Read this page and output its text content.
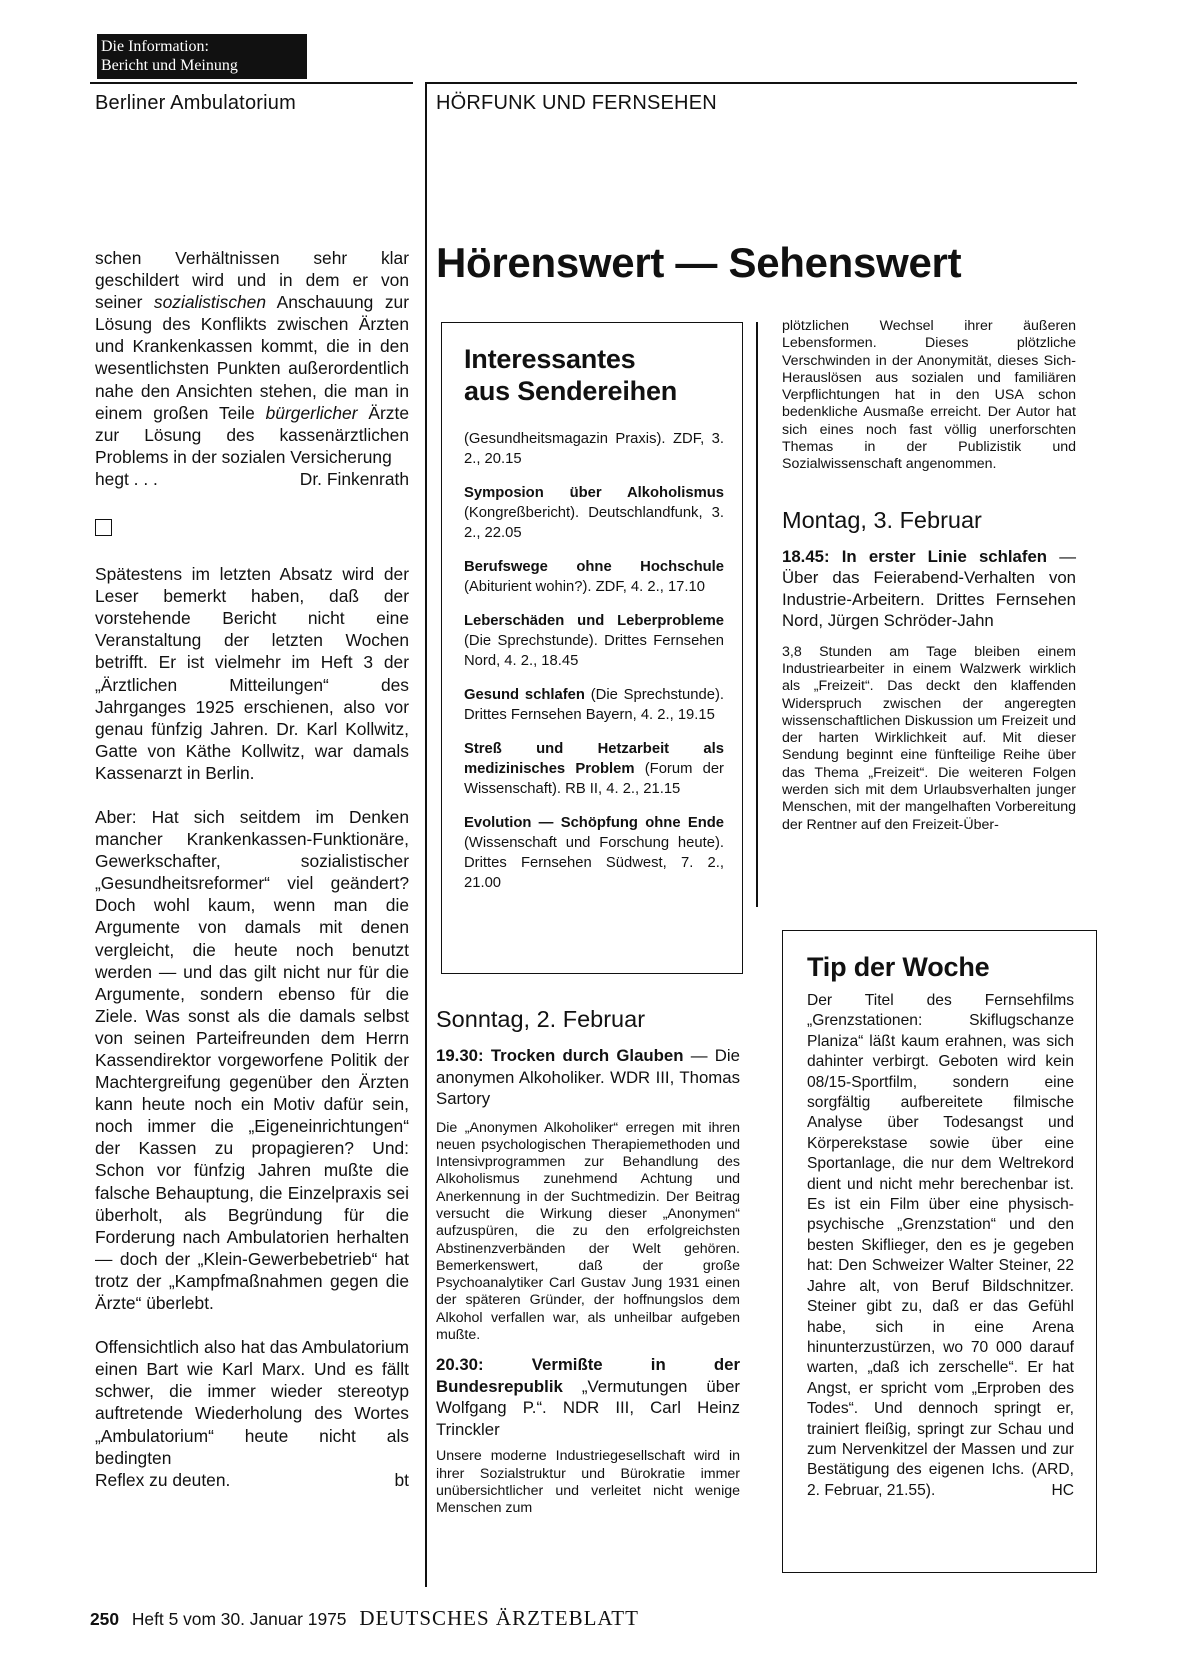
Die Information:
Bericht und Meinung
Berliner Ambulatorium	HÖRFUNK UND FERNSEHEN

schen Verhältnissen sehr klar geschildert wird und in dem er von seiner sozialistischen Anschauung zur Lösung des Konflikts zwischen Ärzten und Krankenkassen kommt, die in den wesentlichsten Punkten außerordentlich nahe den Ansichten stehen, die man in einem großen Teile bürgerlicher Ärzte zur Lösung des kassenärztlichen Problems in der sozialen Versicherung
hegt . . .	Dr. Finkenrath

Spätestens im letzten Absatz wird der Leser bemerkt haben, daß der vorstehende Bericht nicht eine Veranstaltung der letzten Wochen betrifft. Er ist vielmehr im Heft 3 der „Ärztlichen Mitteilungen“ des Jahrganges 1925 erschienen, also vor genau fünfzig Jahren. Dr. Karl Kollwitz, Gatte von Käthe Kollwitz, war damals Kassenarzt in Berlin.

Aber: Hat sich seitdem im Denken mancher Krankenkassen-Funktionäre, Gewerkschafter, sozialistischer „Gesundheitsreformer“ viel geändert? Doch wohl kaum, wenn man die Argumente von damals mit denen vergleicht, die heute noch benutzt werden — und das gilt nicht nur für die Argumente, sondern ebenso für die Ziele. Was sonst als die damals selbst von seinen Parteifreunden dem Herrn Kassendirektor vorgeworfene Politik der Machtergreifung gegenüber den Ärzten kann heute noch ein Motiv dafür sein, noch immer die „Eigeneinrichtungen“ der Kassen zu propagieren? Und: Schon vor fünfzig Jahren mußte die falsche Behauptung, die Einzelpraxis sei überholt, als Begründung für die Forderung nach Ambulatorien herhalten — doch der „Klein-Gewerbebetrieb“ hat trotz der „Kampfmaßnahmen gegen die Ärzte“ überlebt.

Offensichtlich also hat das Ambulatorium einen Bart wie Karl Marx. Und es fällt schwer, die immer wieder stereotyp auftretende Wiederholung des Wortes „Ambulatorium“ heute nicht als bedingten
Reflex zu deuten.	bt

Hörenswert — Sehenswert
Interessantes
aus Sendereihen

(Gesundheitsmagazin Praxis). ZDF, 3. 2., 20.15

Symposion über Alkoholismus (Kongreßbericht). Deutschlandfunk, 3. 2., 22.05

Berufswege ohne Hochschule (Abiturient wohin?). ZDF, 4. 2., 17.10

Leberschäden und Leberprobleme (Die Sprechstunde). Drittes Fernsehen Nord, 4. 2., 18.45

Gesund schlafen (Die Sprechstunde). Drittes Fernsehen Bayern, 4. 2., 19.15

Streß und Hetzarbeit als medizinisches Problem (Forum der Wissenschaft). RB II, 4. 2., 21.15

Evolution — Schöpfung ohne Ende (Wissenschaft und Forschung heute). Drittes Fernsehen Südwest, 7. 2., 21.00

Sonntag, 2. Februar

19.30: Trocken durch Glauben — Die anonymen Alkoholiker. WDR III, Thomas Sartory

Die „Anonymen Alkoholiker“ erregen mit ihren neuen psychologischen Therapiemethoden und Intensivprogrammen zur Behandlung des Alkoholismus zunehmend Achtung und Anerkennung in der Suchtmedizin. Der Beitrag versucht die Wirkung dieser „Anonymen“ aufzuspüren, die zu den erfolgreichsten Abstinenzverbänden der Welt gehören. Bemerkenswert, daß der große Psychoanalytiker Carl Gustav Jung 1931 einen der späteren Gründer, der hoffnungslos dem Alkohol verfallen war, als unheilbar aufgeben mußte.

20.30: Vermißte in der Bundesrepublik „Vermutungen über Wolfgang P.“. NDR III, Carl Heinz Trinckler

Unsere moderne Industriegesellschaft wird in ihrer Sozialstruktur und Bürokratie immer unübersichtlicher und verleitet nicht wenige Menschen zum

plötzlichen Wechsel ihrer äußeren Lebensformen. Dieses plötzliche Verschwinden in der Anonymität, dieses Sich-Herauslösen aus sozialen und familiären Verpflichtungen hat in den USA schon bedenkliche Ausmaße erreicht. Der Autor hat sich eines noch fast völlig unerforschten Themas in der Publizistik und Sozialwissenschaft angenommen.

Montag, 3. Februar

18.45: In erster Linie schlafen — Über das Feierabend-Verhalten von Industrie-Arbeitern. Drittes Fernsehen Nord, Jürgen Schröder-Jahn

3,8 Stunden am Tage bleiben einem Industriearbeiter in einem Walzwerk wirklich als „Freizeit“. Das deckt den klaffenden Widerspruch zwischen der angeregten wissenschaftlichen Diskussion um Freizeit und der harten Wirklichkeit auf. Mit dieser Sendung beginnt eine fünfteilige Reihe über das Thema „Freizeit“. Die weiteren Folgen werden sich mit dem Urlaubsverhalten junger Menschen, mit der mangelhaften Vorbereitung der Rentner auf den Freizeit-Über-

Tip der Woche

Der Titel des Fernsehfilms „Grenzstationen: Skiflugschanze Planiza“ läßt kaum erahnen, was sich dahinter verbirgt. Geboten wird kein 08/15-Sportfilm, sondern eine sorgfältig aufbereitete filmische Analyse über Todesangst und Körperekstase sowie über eine Sportanlage, die nur dem Weltrekord dient und nicht mehr berechenbar ist. Es ist ein Film über eine physisch-psychische „Grenzstation“ und den besten Skiflieger, den es je gegeben hat: Den Schweizer Walter Steiner, 22 Jahre alt, von Beruf Bildschnitzer. Steiner gibt zu, daß er das Gefühl habe, sich in eine Arena hinunterzustürzen, wo 70 000 darauf warten, „daß ich zerschelle“. Er hat Angst, er spricht vom „Erproben des Todes“. Und dennoch springt er, trainiert fleißig, springt zur Schau und zum Nervenkitzel der Massen und zur Bestätigung des eigenen Ichs. (ARD, 2. Februar, 21.55).	HC

250 Heft 5 vom 30. Januar 1975 DEUTSCHES ÄRZTEBLATT
